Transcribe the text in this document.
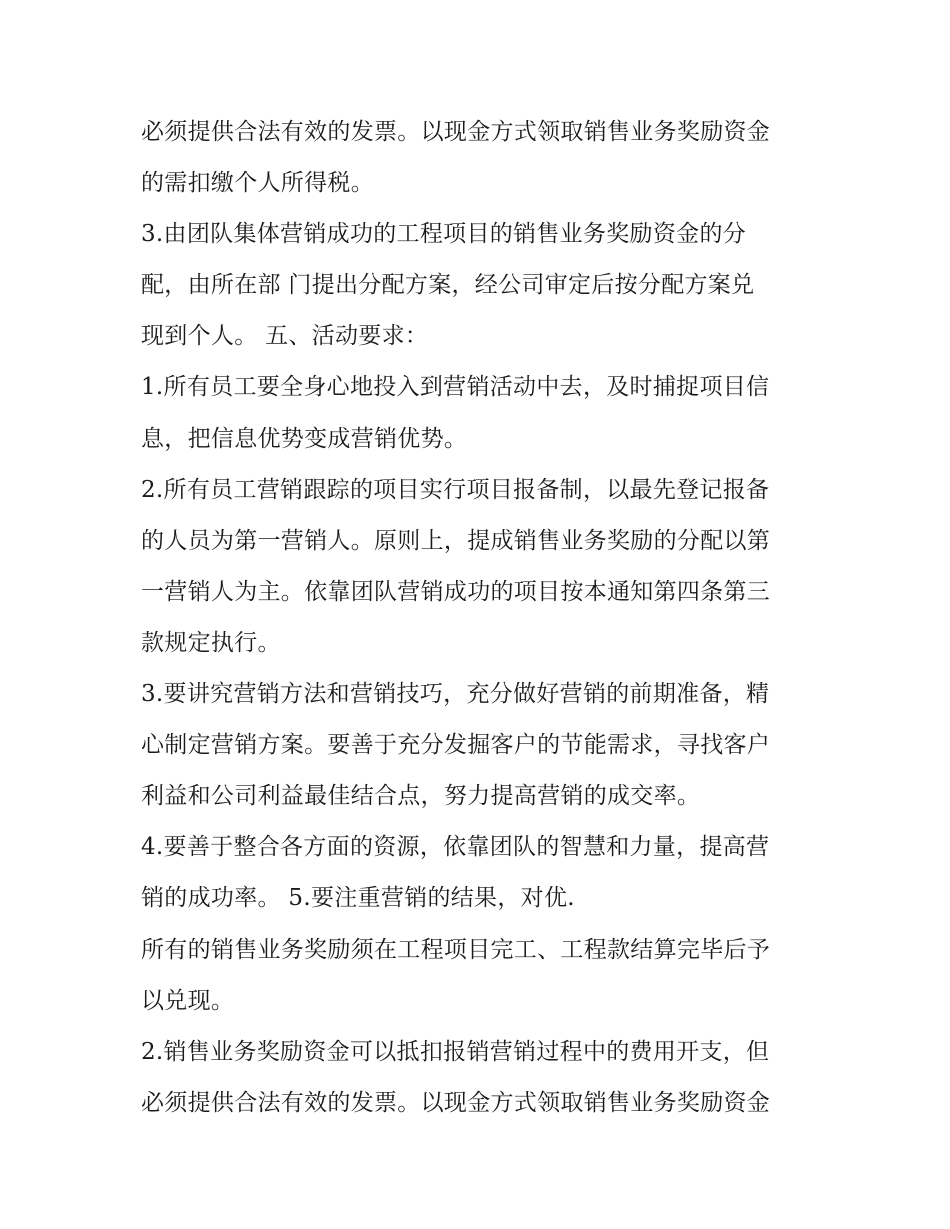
必须提供合法有效的发票。以现金方式领取销售业务奖励资金
的需扣缴个人所得税。
3.由团队集体营销成功的工程项目的销售业务奖励资金的分
配，由所在部 门提出分配方案，经公司审定后按分配方案兑
现到个人。 五、活动要求：
1.所有员工要全身心地投入到营销活动中去，及时捕捉项目信
息，把信息优势变成营销优势。
2.所有员工营销跟踪的项目实行项目报备制，以最先登记报备
的人员为第一营销人。原则上，提成销售业务奖励的分配以第
一营销人为主。依靠团队营销成功的项目按本通知第四条第三
款规定执行。
3.要讲究营销方法和营销技巧，充分做好营销的前期准备，精
心制定营销方案。要善于充分发掘客户的节能需求，寻找客户
利益和公司利益最佳结合点，努力提高营销的成交率。
4.要善于整合各方面的资源，依靠团队的智慧和力量，提高营
销的成功率。 5.要注重营销的结果，对优.
所有的销售业务奖励须在工程项目完工、工程款结算完毕后予
以兑现。
2.销售业务奖励资金可以抵扣报销营销过程中的费用开支，但
必须提供合法有效的发票。以现金方式领取销售业务奖励资金
